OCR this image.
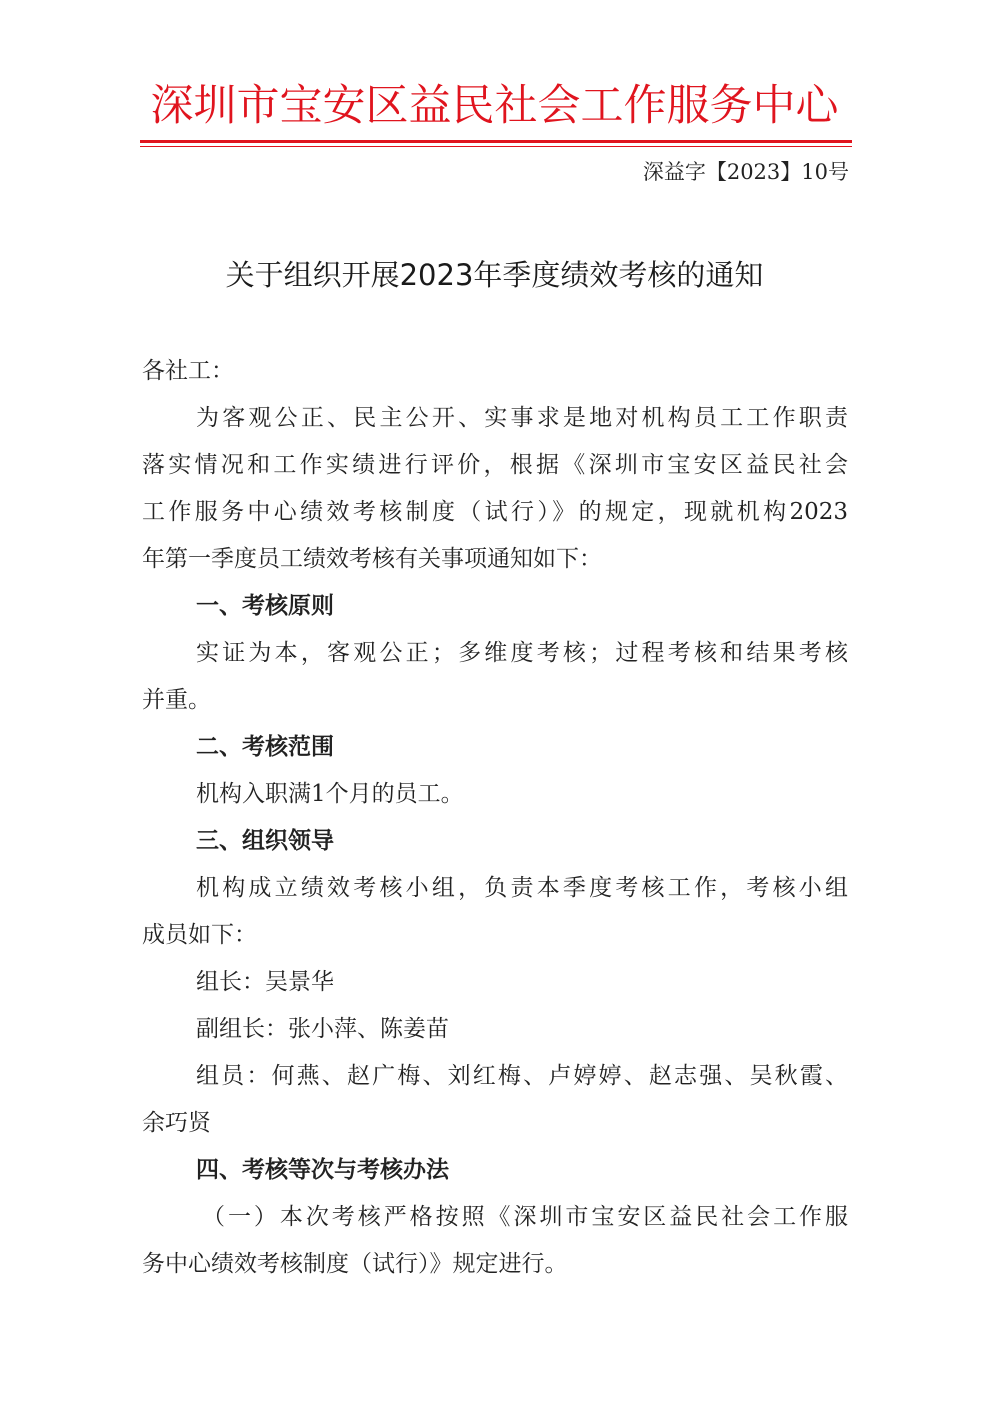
深圳市宝安区益民社会工作服务中心
深益字【2023】10号
关于组织开展2023年季度绩效考核的通知
各社工：
为客观公正、民主公开、实事求是地对机构员工工作职责
落实情况和工作实绩进行评价，根据《深圳市宝安区益民社会
工作服务中心绩效考核制度（试行）》的规定，现就机构2023
年第一季度员工绩效考核有关事项通知如下：
一、考核原则
实证为本，客观公正；多维度考核；过程考核和结果考核
并重。
二、考核范围
机构入职满1个月的员工。
三、组织领导
机构成立绩效考核小组，负责本季度考核工作，考核小组
成员如下：
组长：吴景华
副组长：张小萍、陈姜苗
组员：何燕、赵广梅、刘红梅、卢婷婷、赵志强、吴秋霞、
余巧贤
四、考核等次与考核办法
（一）本次考核严格按照《深圳市宝安区益民社会工作服
务中心绩效考核制度（试行）》规定进行。
